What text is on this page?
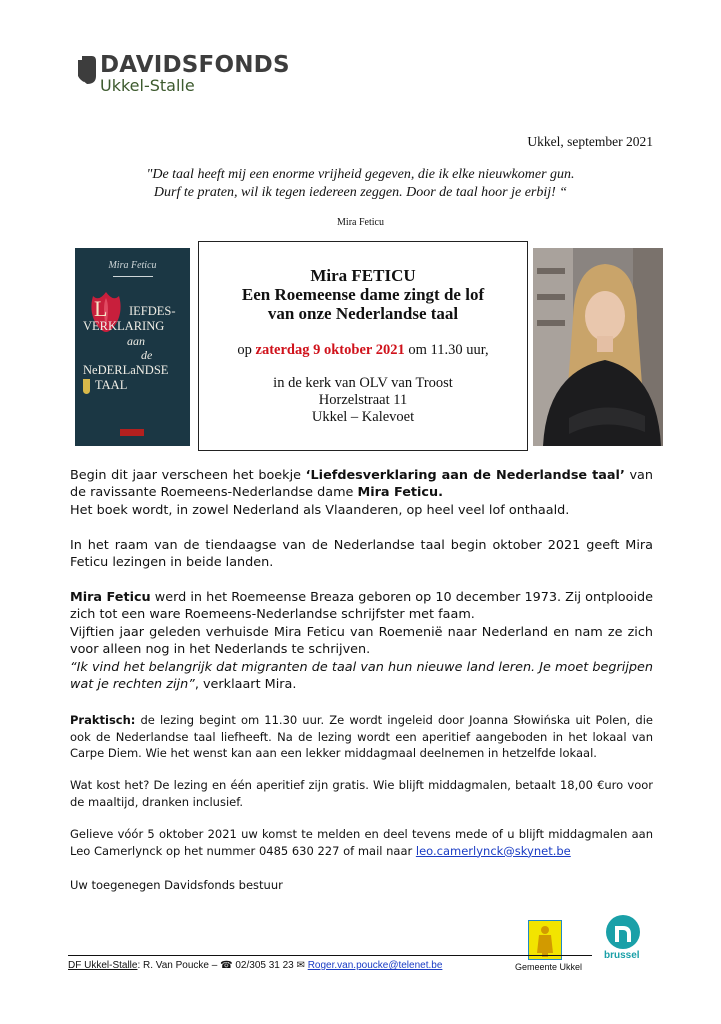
DAVIDSFONDS
Ukkel-Stalle
Ukkel, september 2021
"De taal heeft mij een enorme vrijheid gegeven, die ik elke nieuwkomer gun.
Durf te praten, wil ik tegen iedereen zeggen. Door de taal hoor je erbij! “
Mira Feticu
Mira Feticu
L IEFDES-
VERKLARING
aan
de
NeDERLaNDSE
TAAL
Mira FETICU
Een Roemeense dame zingt de lof
van onze Nederlandse taal
op zaterdag 9 oktober 2021 om 11.30 uur,
in de kerk van OLV van Troost
Horzelstraat 11
Ukkel – Kalevoet
Begin dit jaar verscheen het boekje ‘Liefdesverklaring aan de Nederlandse taal’ van de ravissante Roemeens-Nederlandse dame Mira Feticu.
Het boek wordt, in zowel Nederland als Vlaanderen, op heel veel lof onthaald.
In het raam van de tiendaagse van de Nederlandse taal begin oktober 2021 geeft Mira Feticu lezingen in beide landen.
Mira Feticu werd in het Roemeense Breaza geboren op 10 december 1973. Zij ontplooide zich tot een ware Roemeens-Nederlandse schrijfster met faam.
Vijftien jaar geleden verhuisde Mira Feticu van Roemenië naar Nederland en nam ze zich voor alleen nog in het Nederlands te schrijven.
“Ik vind het belangrijk dat migranten de taal van hun nieuwe land leren. Je moet begrijpen wat je rechten zijn”, verklaart Mira.
Praktisch: de lezing begint om 11.30 uur. Ze wordt ingeleid door Joanna Słowińska uit Polen, die ook de Nederlandse taal liefheeft. Na de lezing wordt een aperitief aangeboden in het lokaal van Carpe Diem. Wie het wenst kan aan een lekker middagmaal deelnemen in hetzelfde lokaal.
Wat kost het? De lezing en één aperitief zijn gratis. Wie blijft middagmalen, betaalt 18,00 €uro voor de maaltijd, dranken inclusief.
Gelieve vóór 5 oktober 2021 uw komst te melden en deel tevens mede of u blijft middagmalen aan Leo Camerlynck op het nummer 0485 630 227 of mail naar leo.camerlynck@skynet.be
Uw toegenegen Davidsfonds bestuur
brussel
DF Ukkel-Stalle: R. Van Poucke – ☎ 02/305 31 23 ✉ Roger.van.poucke@telenet.be	Gemeente Ukkel
